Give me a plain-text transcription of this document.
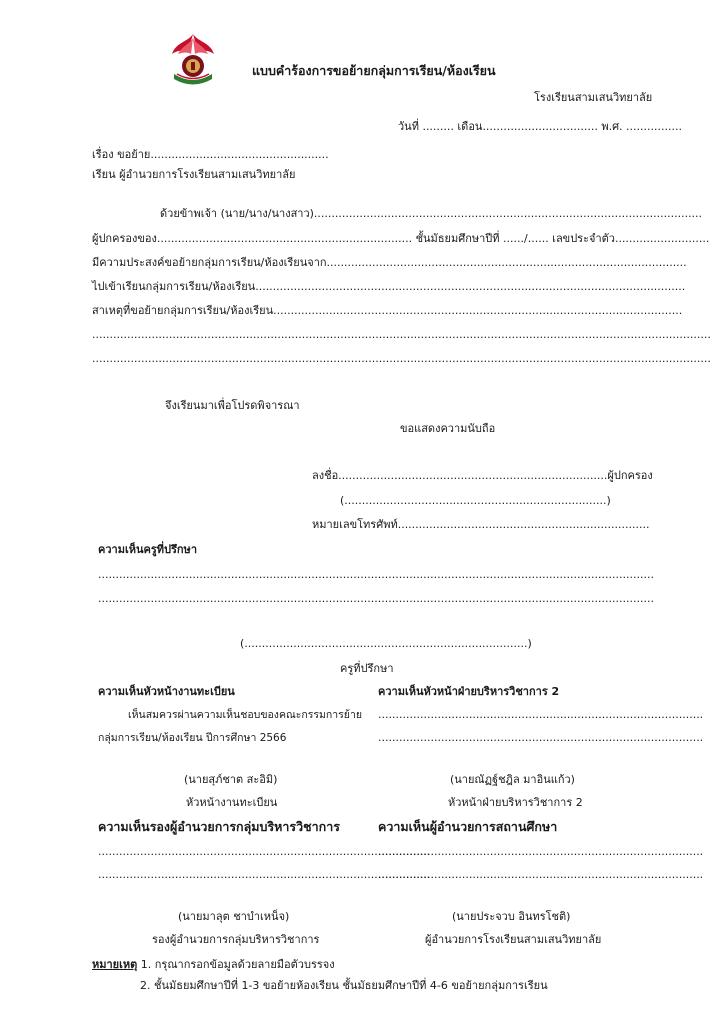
แบบคำร้องการขอย้ายกลุ่มการเรียน/ห้องเรียน
โรงเรียนสามเสนวิทยาลัย
วันที่ ......... เดือน................................. พ.ศ. ................
เรื่อง ขอย้าย...................................................
เรียน ผู้อำนวยการโรงเรียนสามเสนวิทยาลัย
ด้วยข้าพเจ้า (นาย/นาง/นางสาว)...............................................................................................................
ผู้ปกครองของ......................................................................... ชั้นมัธยมศึกษาปีที่ ....../...... เลขประจำตัว...........................
มีความประสงค์ขอย้ายกลุ่มการเรียน/ห้องเรียนจาก.......................................................................................................
ไปเข้าเรียนกลุ่มการเรียน/ห้องเรียน...........................................................................................................................
สาเหตุที่ขอย้ายกลุ่มการเรียน/ห้องเรียน.....................................................................................................................
.................................................................................................................................................................................
.................................................................................................................................................................................
จึงเรียนมาเพื่อโปรดพิจารณา
ขอแสดงความนับถือ
ลงชื่อ.............................................................................ผู้ปกครอง
(...........................................................................)
หมายเลขโทรศัพท์........................................................................
ความเห็นครูที่ปรึกษา
...............................................................................................................................................................
...............................................................................................................................................................
(.................................................................................)
ครูที่ปรึกษา
ความเห็นหัวหน้างานทะเบียน
เห็นสมควรผ่านความเห็นชอบของคณะกรรมการย้าย
กลุ่มการเรียน/ห้องเรียน ปีการศึกษา 2566
(นายสุภ์ชาต สะอิมิ)
หัวหน้างานทะเบียน
ความเห็นหัวหน้าฝ่ายบริหารวิชาการ 2
.............................................................................................
.............................................................................................
(นายณัฏฐ์ชฎิล มาอินแก้ว)
หัวหน้าฝ่ายบริหารวิชาการ 2
ความเห็นรองผู้อำนวยการกลุ่มบริหารวิชาการ
...............................................................................................
...............................................................................................
(นายมาลุต ชาบำเหน็จ)
รองผู้อำนวยการกลุ่มบริหารวิชาการ
ความเห็นผู้อำนวยการสถานศึกษา
.............................................................................................
.............................................................................................
(นายประจวบ อินทรโชติ)
ผู้อำนวยการโรงเรียนสามเสนวิทยาลัย
หมายเหตุ 1. กรุณากรอกข้อมูลด้วยลายมือตัวบรรจง
2. ชั้นมัธยมศึกษาปีที่ 1-3 ขอย้ายห้องเรียน ชั้นมัธยมศึกษาปีที่ 4-6 ขอย้ายกลุ่มการเรียน
